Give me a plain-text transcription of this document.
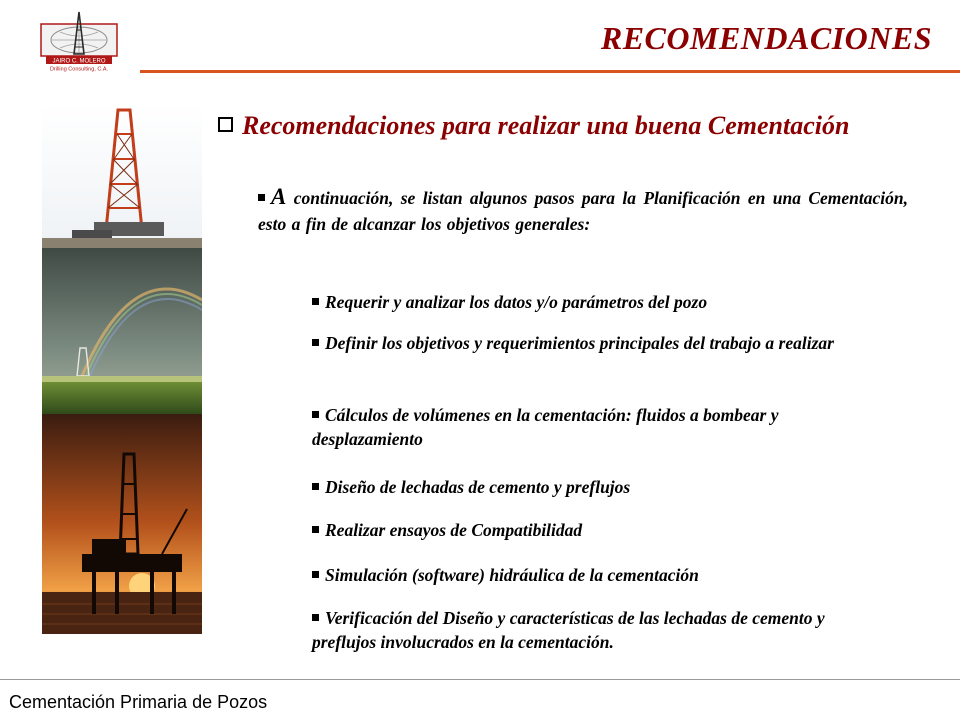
JAIRO C. MOLERO
Drilling Consulting, C.A.
RECOMENDACIONES
Recomendaciones para realizar una buena Cementación

A continuación, se listan algunos pasos para la Planificación en una Cementación, esto a fin de alcanzar los objetivos generales:

Requerir y analizar los datos y/o parámetros del pozo
Definir los objetivos y requerimientos principales del trabajo a realizar
Cálculos de volúmenes en la cementación: fluidos a bombear y desplazamiento
Diseño de lechadas de cemento y preflujos
Realizar ensayos de Compatibilidad
Simulación (software) hidráulica de la cementación
Verificación del Diseño y características de las lechadas de cemento y preflujos involucrados en la cementación.

Cementación Primaria de Pozos
